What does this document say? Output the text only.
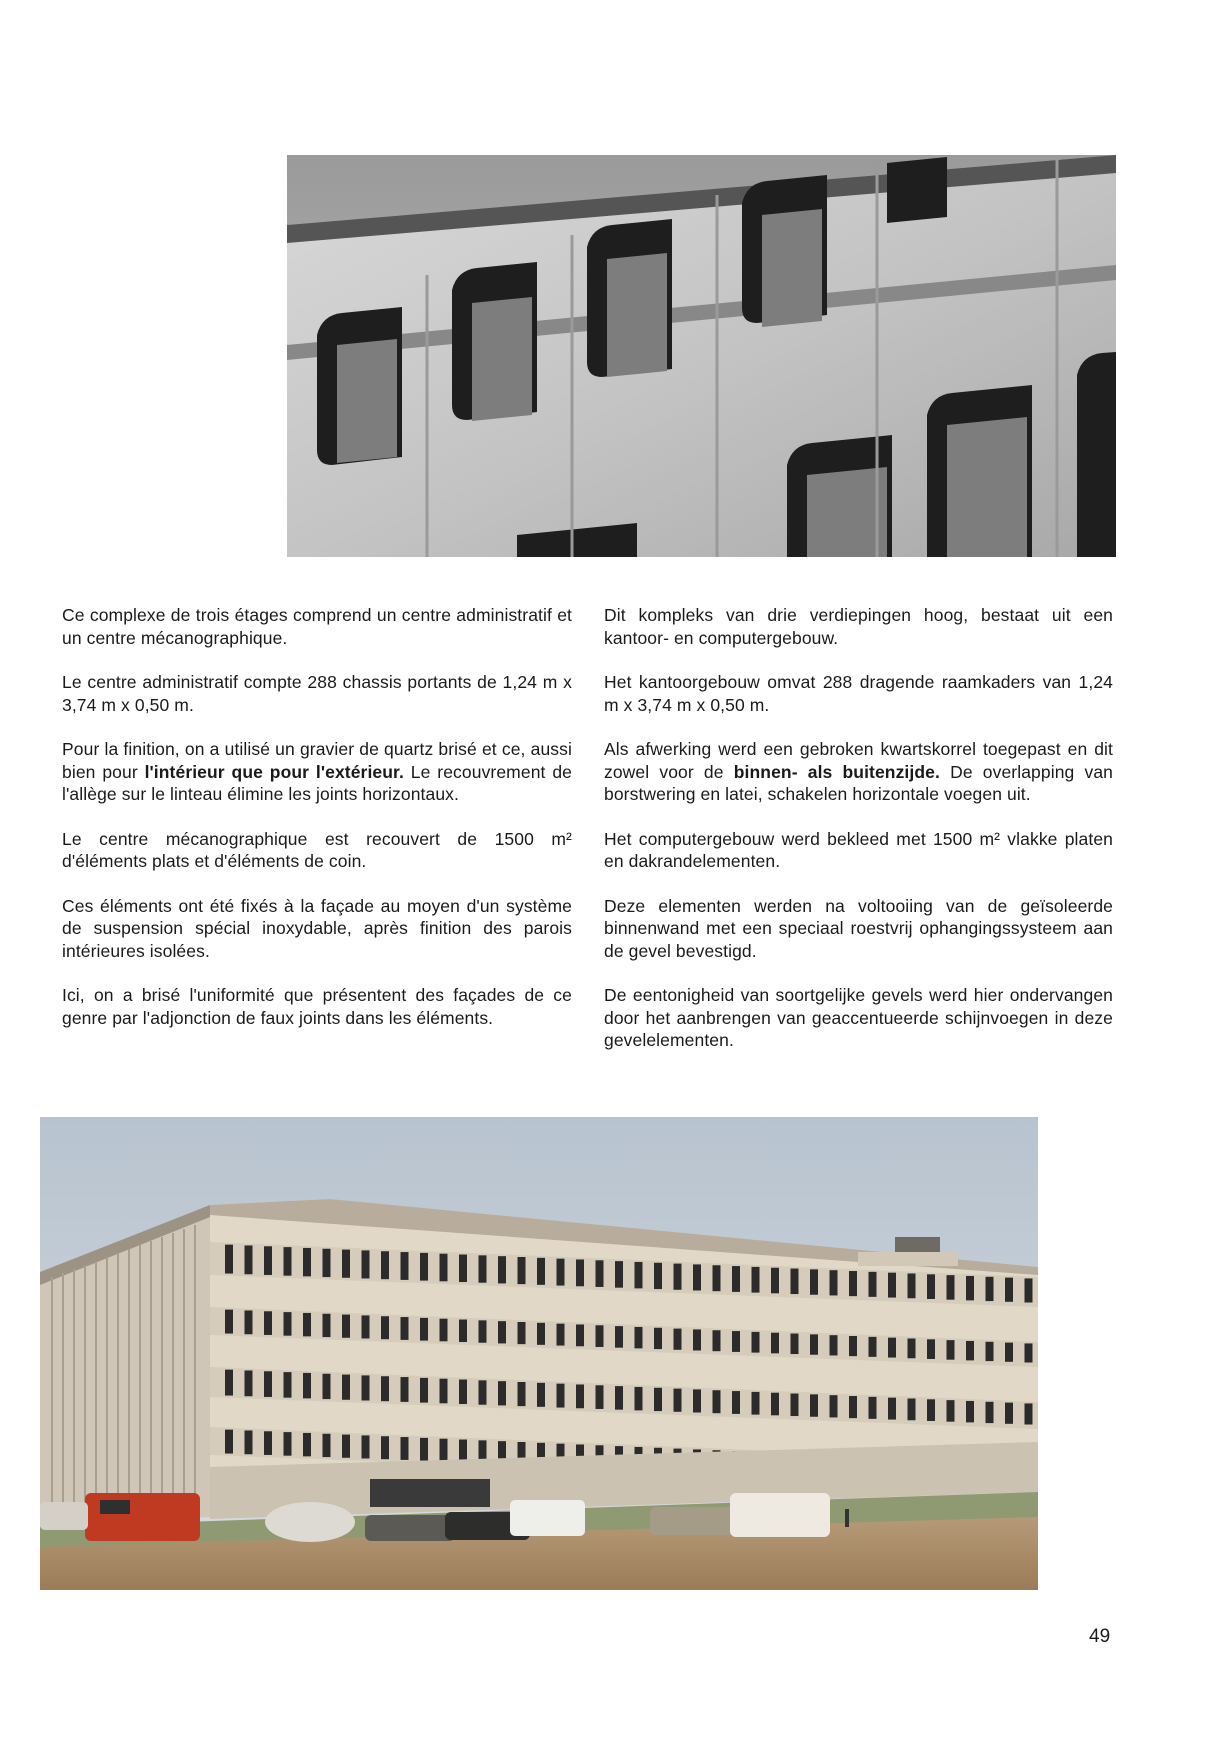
Ce complexe de trois étages comprend un centre administratif et un centre mécanographique.

Le centre administratif compte 288 chassis portants de 1,24 m x 3,74 m x 0,50 m.

Pour la finition, on a utilisé un gravier de quartz brisé et ce, aussi bien pour l'intérieur que pour l'extérieur. Le recouvrement de l'allège sur le linteau élimine les joints horizontaux.

Le centre mécanographique est recouvert de 1500 m² d'éléments plats et d'éléments de coin.

Ces éléments ont été fixés à la façade au moyen d'un système de suspension spécial inoxydable, après finition des parois intérieures isolées.

Ici, on a brisé l'uniformité que présentent des façades de ce genre par l'adjonction de faux joints dans les éléments.

Dit kompleks van drie verdiepingen hoog, bestaat uit een kantoor- en computergebouw.

Het kantoorgebouw omvat 288 dragende raamkaders van 1,24 m x 3,74 m x 0,50 m.

Als afwerking werd een gebroken kwartskorrel toegepast en dit zowel voor de binnen- als buitenzijde. De overlapping van borstwering en latei, schakelen horizontale voegen uit.

Het computergebouw werd bekleed met 1500 m² vlakke platen en dakrandelementen.

Deze elementen werden na voltooiing van de geïsoleerde binnenwand met een speciaal roestvrij ophangingssysteem aan de gevel bevestigd.

De eentonigheid van soortgelijke gevels werd hier ondervangen door het aanbrengen van geaccentueerde schijnvoegen in deze gevelelementen.

49
